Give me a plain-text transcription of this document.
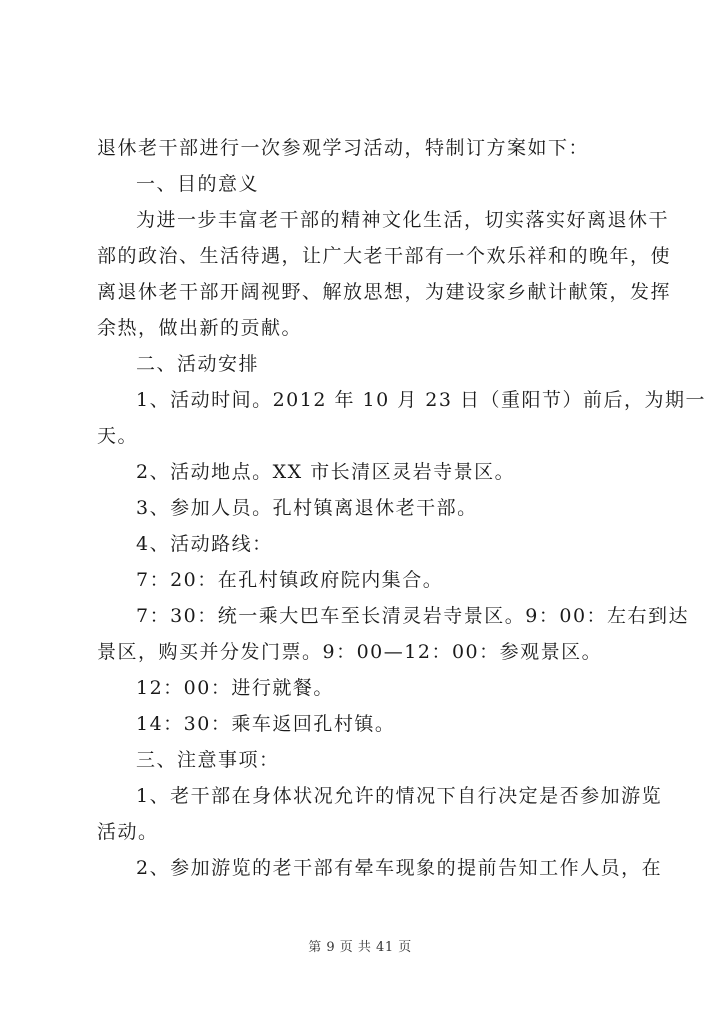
退休老干部进行一次参观学习活动，特制订方案如下：
一、目的意义
为进一步丰富老干部的精神文化生活，切实落实好离退休干
部的政治、生活待遇，让广大老干部有一个欢乐祥和的晚年，使
离退休老干部开阔视野、解放思想，为建设家乡献计献策，发挥
余热，做出新的贡献。
二、活动安排
1、活动时间。2012 年 10 月 23 日（重阳节）前后，为期一
天。
2、活动地点。XX 市长清区灵岩寺景区。
3、参加人员。孔村镇离退休老干部。
4、活动路线：
7：20：在孔村镇政府院内集合。
7：30：统一乘大巴车至长清灵岩寺景区。9：00：左右到达
景区，购买并分发门票。9：00—12：00：参观景区。
12：00：进行就餐。
14：30：乘车返回孔村镇。
三、注意事项：
1、老干部在身体状况允许的情况下自行决定是否参加游览
活动。
2、参加游览的老干部有晕车现象的提前告知工作人员，在
第 9 页 共 41 页
